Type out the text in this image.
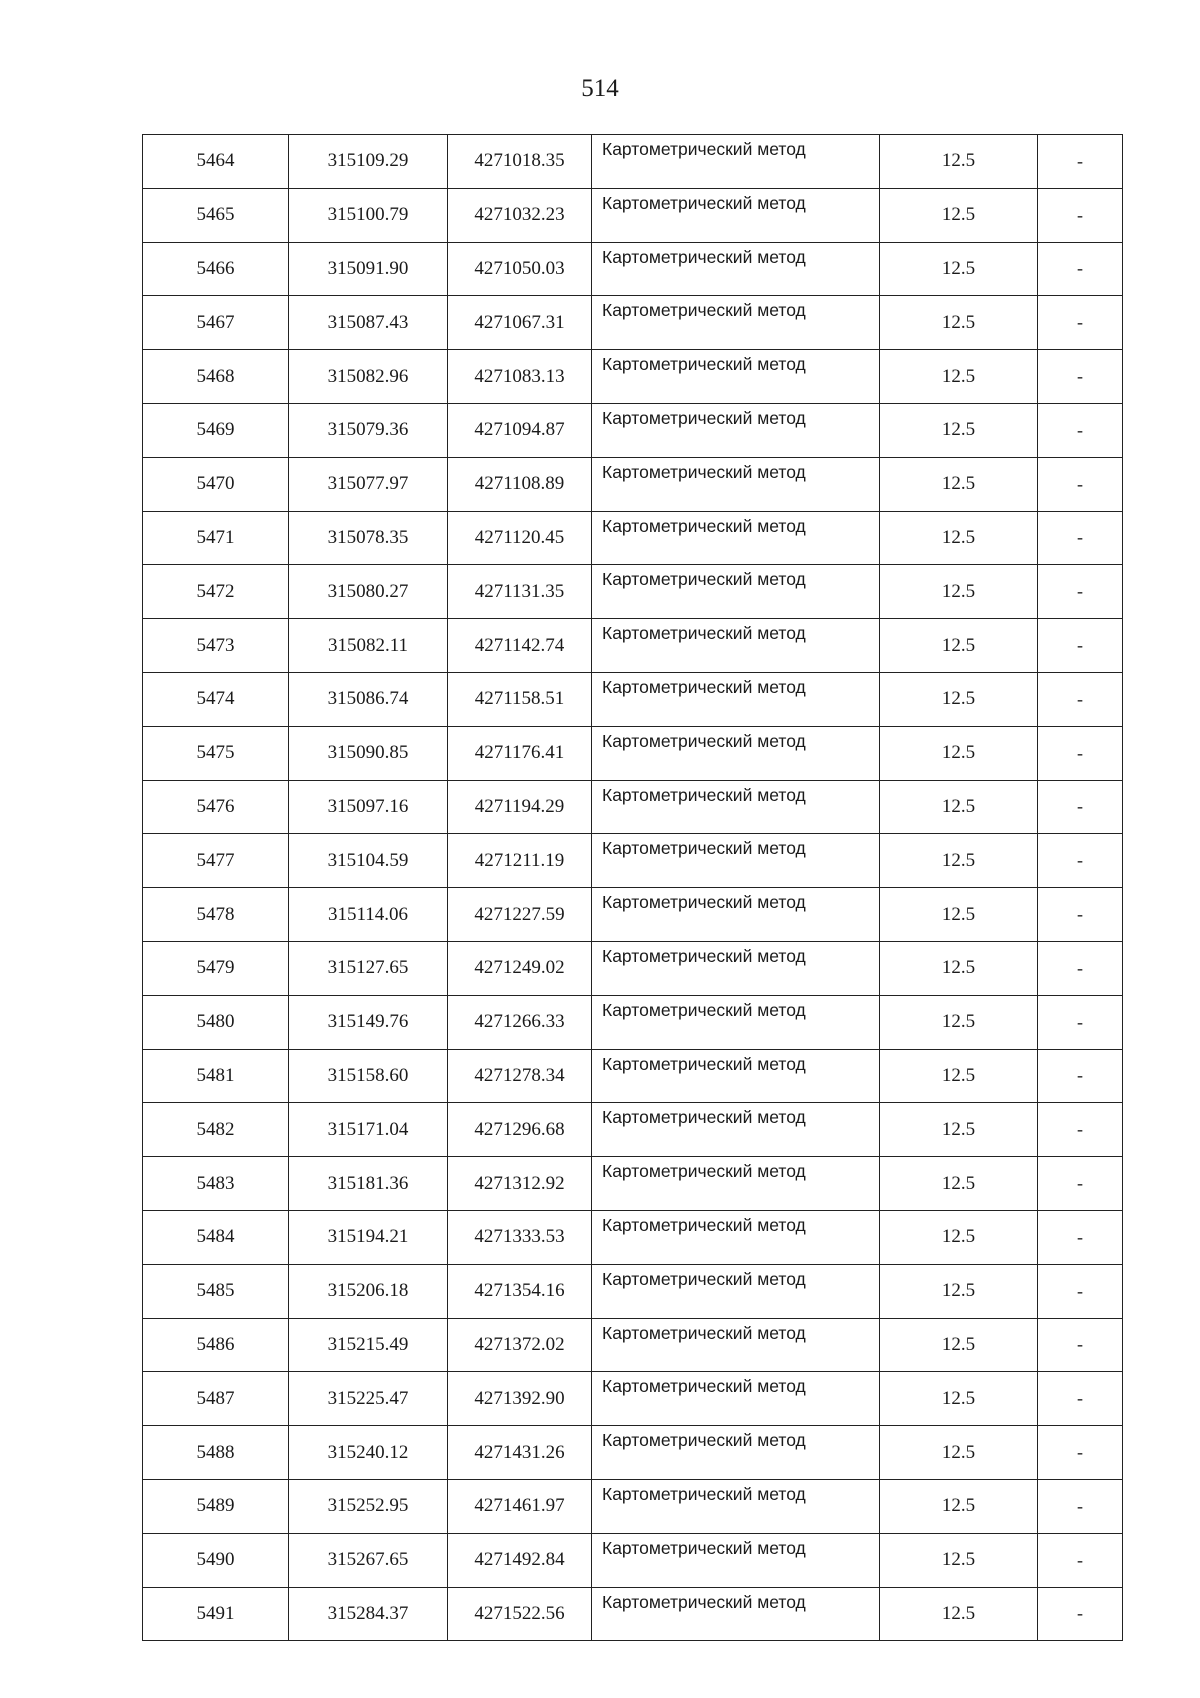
514
5464	315109.29	4271018.35	Картометрический метод	12.5	-
5465	315100.79	4271032.23	Картометрический метод	12.5	-
5466	315091.90	4271050.03	Картометрический метод	12.5	-
5467	315087.43	4271067.31	Картометрический метод	12.5	-
5468	315082.96	4271083.13	Картометрический метод	12.5	-
5469	315079.36	4271094.87	Картометрический метод	12.5	-
5470	315077.97	4271108.89	Картометрический метод	12.5	-
5471	315078.35	4271120.45	Картометрический метод	12.5	-
5472	315080.27	4271131.35	Картометрический метод	12.5	-
5473	315082.11	4271142.74	Картометрический метод	12.5	-
5474	315086.74	4271158.51	Картометрический метод	12.5	-
5475	315090.85	4271176.41	Картометрический метод	12.5	-
5476	315097.16	4271194.29	Картометрический метод	12.5	-
5477	315104.59	4271211.19	Картометрический метод	12.5	-
5478	315114.06	4271227.59	Картометрический метод	12.5	-
5479	315127.65	4271249.02	Картометрический метод	12.5	-
5480	315149.76	4271266.33	Картометрический метод	12.5	-
5481	315158.60	4271278.34	Картометрический метод	12.5	-
5482	315171.04	4271296.68	Картометрический метод	12.5	-
5483	315181.36	4271312.92	Картометрический метод	12.5	-
5484	315194.21	4271333.53	Картометрический метод	12.5	-
5485	315206.18	4271354.16	Картометрический метод	12.5	-
5486	315215.49	4271372.02	Картометрический метод	12.5	-
5487	315225.47	4271392.90	Картометрический метод	12.5	-
5488	315240.12	4271431.26	Картометрический метод	12.5	-
5489	315252.95	4271461.97	Картометрический метод	12.5	-
5490	315267.65	4271492.84	Картометрический метод	12.5	-
5491	315284.37	4271522.56	Картометрический метод	12.5	-
